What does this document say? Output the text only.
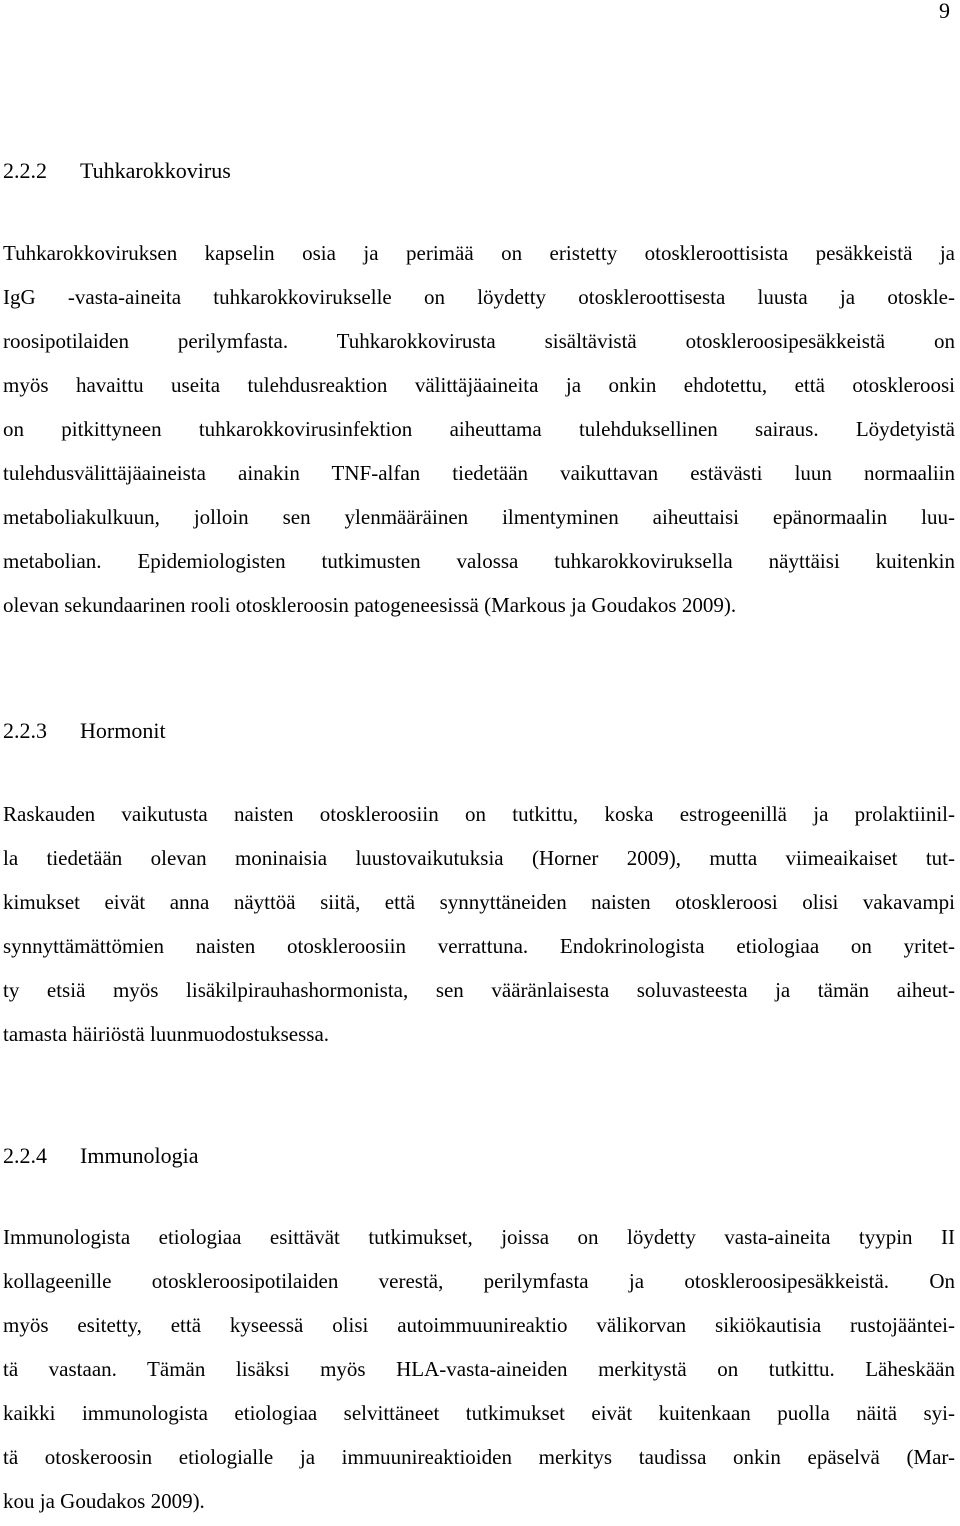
9
2.2.2 Tuhkarokkovirus
Tuhkarokkoviruksen kapselin osia ja perimää on eristetty otoskleroottisista pesäkkeistä ja
IgG -vasta-aineita tuhkarokkovirukselle on löydetty otoskleroottisesta luusta ja otoskle-
roosipotilaiden perilymfasta. Tuhkarokkovirusta sisältävistä otoskleroosipesäkkeistä on
myös havaittu useita tulehdusreaktion välittäjäaineita ja onkin ehdotettu, että otoskleroosi
on pitkittyneen tuhkarokkovirusinfektion aiheuttama tulehduksellinen sairaus. Löydetyistä
tulehdusvälittäjäaineista ainakin TNF-alfan tiedetään vaikuttavan estävästi luun normaaliin
metaboliakulkuun, jolloin sen ylenmääräinen ilmentyminen aiheuttaisi epänormaalin luu-
metabolian. Epidemiologisten tutkimusten valossa tuhkarokkoviruksella näyttäisi kuitenkin
olevan sekundaarinen rooli otoskleroosin patogeneesissä (Markous ja Goudakos 2009).
2.2.3 Hormonit
Raskauden vaikutusta naisten otoskleroosiin on tutkittu, koska estrogeenillä ja prolaktiinil-
la tiedetään olevan moninaisia luustovaikutuksia (Horner 2009), mutta viimeaikaiset tut-
kimukset eivät anna näyttöä siitä, että synnyttäneiden naisten otoskleroosi olisi vakavampi
synnyttämättömien naisten otoskleroosiin verrattuna. Endokrinologista etiologiaa on yritet-
ty etsiä myös lisäkilpirauhashormonista, sen vääränlaisesta soluvasteesta ja tämän aiheut-
tamasta häiriöstä luunmuodostuksessa.
2.2.4 Immunologia
Immunologista etiologiaa esittävät tutkimukset, joissa on löydetty vasta-aineita tyypin II
kollageenille otoskleroosipotilaiden verestä, perilymfasta ja otoskleroosipesäkkeistä. On
myös esitetty, että kyseessä olisi autoimmuunireaktio välikorvan sikiökautisia rustojääntei-
tä vastaan. Tämän lisäksi myös HLA-vasta-aineiden merkitystä on tutkittu. Läheskään
kaikki immunologista etiologiaa selvittäneet tutkimukset eivät kuitenkaan puolla näitä syi-
tä otoskeroosin etiologialle ja immuunireaktioiden merkitys taudissa onkin epäselvä (Mar-
kou ja Goudakos 2009).
